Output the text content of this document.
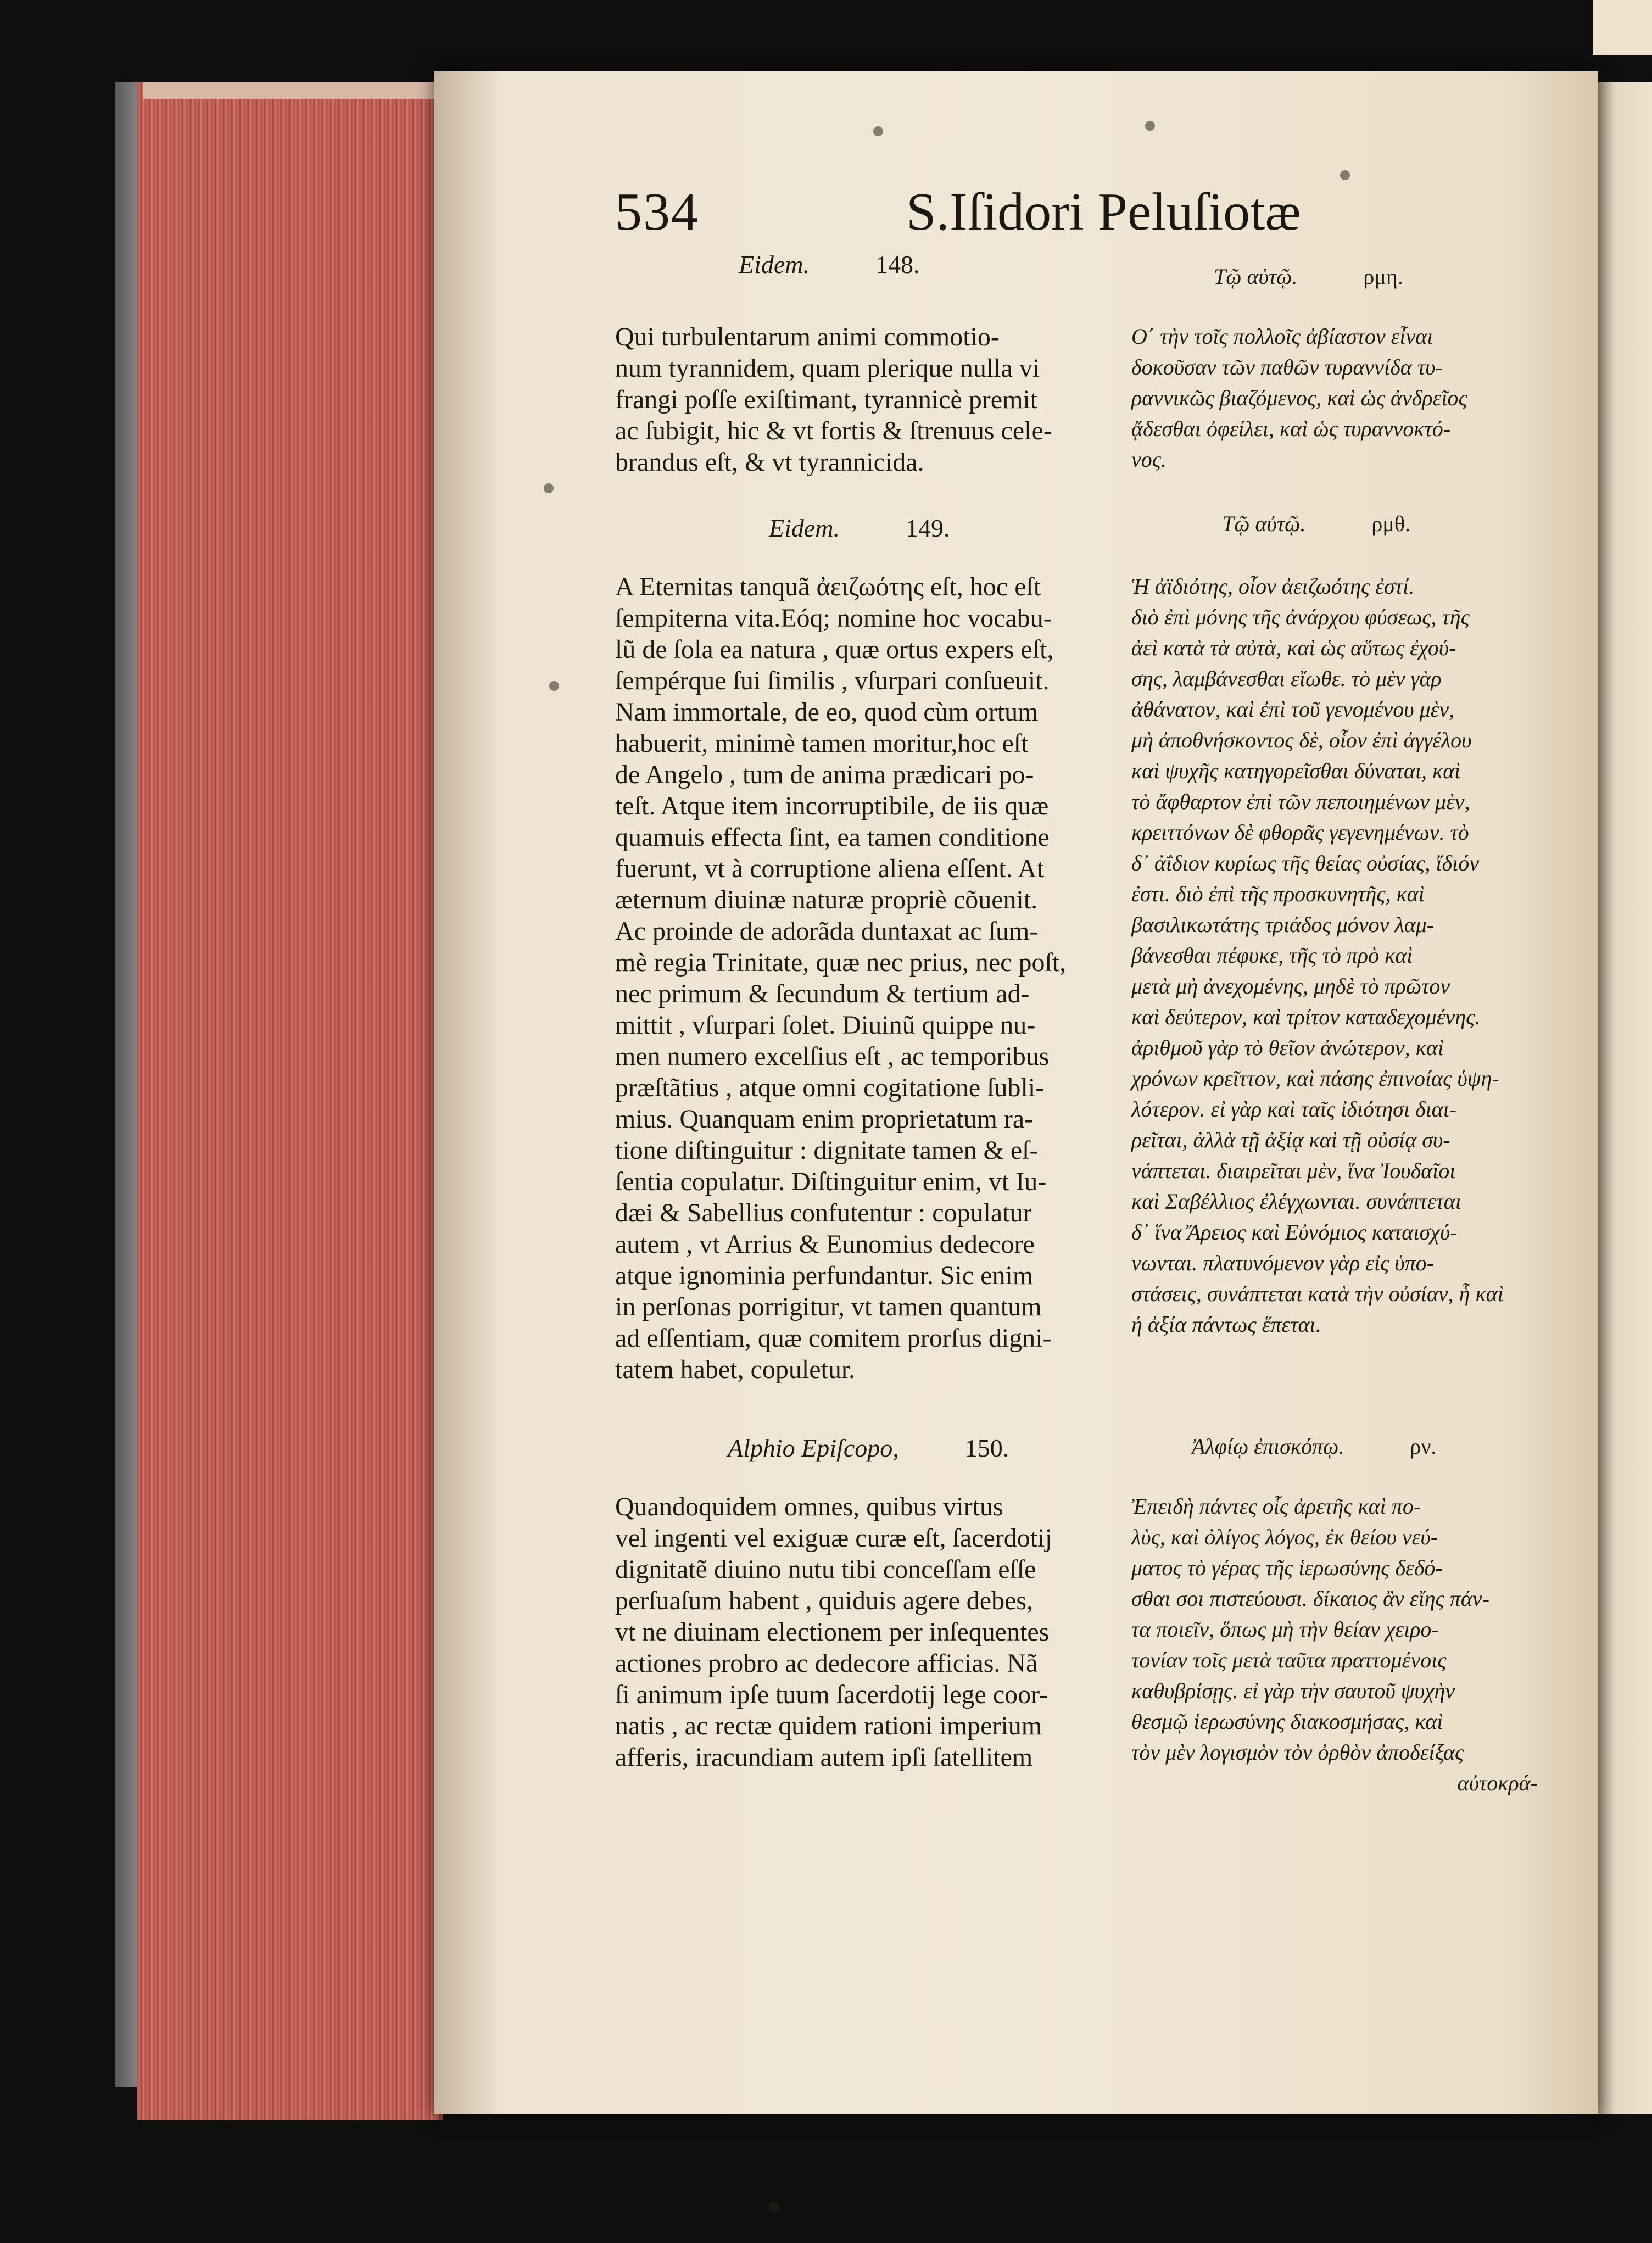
534	S.Iſidori Peluſiotæ
Eidem.	148.

Qui turbulentarum animi commotio-

num tyrannidem, quam plerique nulla vi

frangi poſſe exiſtimant, tyrannicè premit

ac ſubigit, hic & vt fortis & ſtrenuus cele-

brandus eſt, & vt tyrannicida.

Eidem.	149.

A Eternitas tanquã ἀειζωότης eſt, hoc eſt

ſempiterna vita.Eóq; nomine hoc vocabu-

lũ de ſola ea natura , quæ ortus expers eſt,

ſempérque ſui ſimilis , vſurpari conſueuit.

Nam immortale, de eo, quod cùm ortum

habuerit, minimè tamen moritur,hoc eſt

de Angelo , tum de anima prædicari po-

teſt. Atque item incorruptibile, de iis quæ

quamuis effecta ſint, ea tamen conditione

fuerunt, vt à corruptione aliena eſſent. At

æternum diuinæ naturæ propriè cõuenit.

Ac proinde de adorãda duntaxat ac ſum-

mè regia Trinitate, quæ nec prius, nec poſt,

nec primum & ſecundum & tertium ad-

mittit , vſurpari ſolet. Diuinũ quippe nu-

men numero excelſius eſt , ac temporibus

præſtãtius , atque omni cogitatione ſubli-

mius. Quanquam enim proprietatum ra-

tione diſtinguitur : dignitate tamen & eſ-

ſentia copulatur. Diſtinguitur enim, vt Iu-

dæi & Sabellius confutentur : copulatur

autem , vt Arrius & Eunomius dedecore

atque ignominia perfundantur. Sic enim

in perſonas porrigitur, vt tamen quantum

ad eſſentiam, quæ comitem prorſus digni-

tatem habet, copuletur.

Alphio Epiſcopo,	150.

Quandoquidem omnes, quibus virtus

vel ingenti vel exiguæ curæ eſt, ſacerdotij

dignitatẽ diuino nutu tibi conceſſam eſſe

perſuaſum habent , quiduis agere debes,

vt ne diuinam electionem per inſequentes

actiones probro ac dedecore afficias. Nã

ſi animum ipſe tuum ſacerdotij lege coor-

natis , ac rectæ quidem rationi imperium

afferis, iracundiam autem ipſi ſatellitem

Τῷ αὐτῷ.	ρμη.

Ο΄ τὴν τοῖς πολλοῖς ἀβίαστον εἶναι

δοκοῦσαν τῶν παθῶν τυραννίδα τυ-

ραννικῶς βιαζόμενος, καὶ ὡς ἀνδρεῖος

ᾄδεσθαι ὀφείλει, καὶ ὡς τυραννοκτό-

νος.

Τῷ αὐτῷ.	ρμθ.

Ἡ ἀϊδιότης, οἷον ἀειζωότης ἐστί.

διὸ ἐπὶ μόνης τῆς ἀνάρχου φύσεως, τῆς

ἀεὶ κατὰ τὰ αὐτὰ, καὶ ὡς αὕτως ἐχού-

σης, λαμβάνεσθαι εἴωθε. τὸ μὲν γὰρ

ἀθάνατον, καὶ ἐπὶ τοῦ γενομένου μὲν,

μὴ ἀποθνήσκοντος δὲ, οἷον ἐπὶ ἀγγέλου

καὶ ψυχῆς κατηγορεῖσθαι δύναται, καὶ

τὸ ἄφθαρτον ἐπὶ τῶν πεποιημένων μὲν,

κρειττόνων δὲ φθορᾶς γεγενημένων. τὸ

δ᾿ ἀΐδιον κυρίως τῆς θείας οὐσίας, ἴδιόν

ἐστι. διὸ ἐπὶ τῆς προσκυνητῆς, καὶ

βασιλικωτάτης τριάδος μόνον λαμ-

βάνεσθαι πέφυκε, τῆς τὸ πρὸ καὶ

μετὰ μὴ ἀνεχομένης, μηδὲ τὸ πρῶτον

καὶ δεύτερον, καὶ τρίτον καταδεχομένης.

ἀριθμοῦ γὰρ τὸ θεῖον ἀνώτερον, καὶ

χρόνων κρεῖττον, καὶ πάσης ἐπινοίας ὑψη-

λότερον. εἰ γὰρ καὶ ταῖς ἰδιότησι διαι-

ρεῖται, ἀλλὰ τῇ ἀξίᾳ καὶ τῇ οὐσίᾳ συ-

νάπτεται. διαιρεῖται μὲν, ἵνα Ἰουδαῖοι

καὶ Σαβέλλιος ἐλέγχωνται. συνάπτεται

δ᾿ ἵνα Ἄρειος καὶ Εὐνόμιος καταισχύ-

νωνται. πλατυνόμενον γὰρ εἰς ὑπο-

στάσεις, συνάπτεται κατὰ τὴν οὐσίαν, ἧ καὶ

ἡ ἀξία πάντως ἕπεται.

Ἀλφίῳ ἐπισκόπῳ.	ρν.

Ἐπειδὴ πάντες οἷς ἀρετῆς καὶ πο-

λὺς, καὶ ὀλίγος λόγος, ἐκ θείου νεύ-

ματος τὸ γέρας τῆς ἱερωσύνης δεδό-

σθαι σοι πιστεύουσι. δίκαιος ἂν εἴης πάν-

τα ποιεῖν, ὅπως μὴ τὴν θείαν χειρο-

τονίαν τοῖς μετὰ ταῦτα πραττομένοις

καθυβρίσῃς. εἰ γὰρ τὴν σαυτοῦ ψυχὴν

θεσμῷ ἱερωσύνης διακοσμήσας, καὶ

τὸν μὲν λογισμὸν τὸν ὀρθὸν ἀποδείξας

αὐτοκρά-
